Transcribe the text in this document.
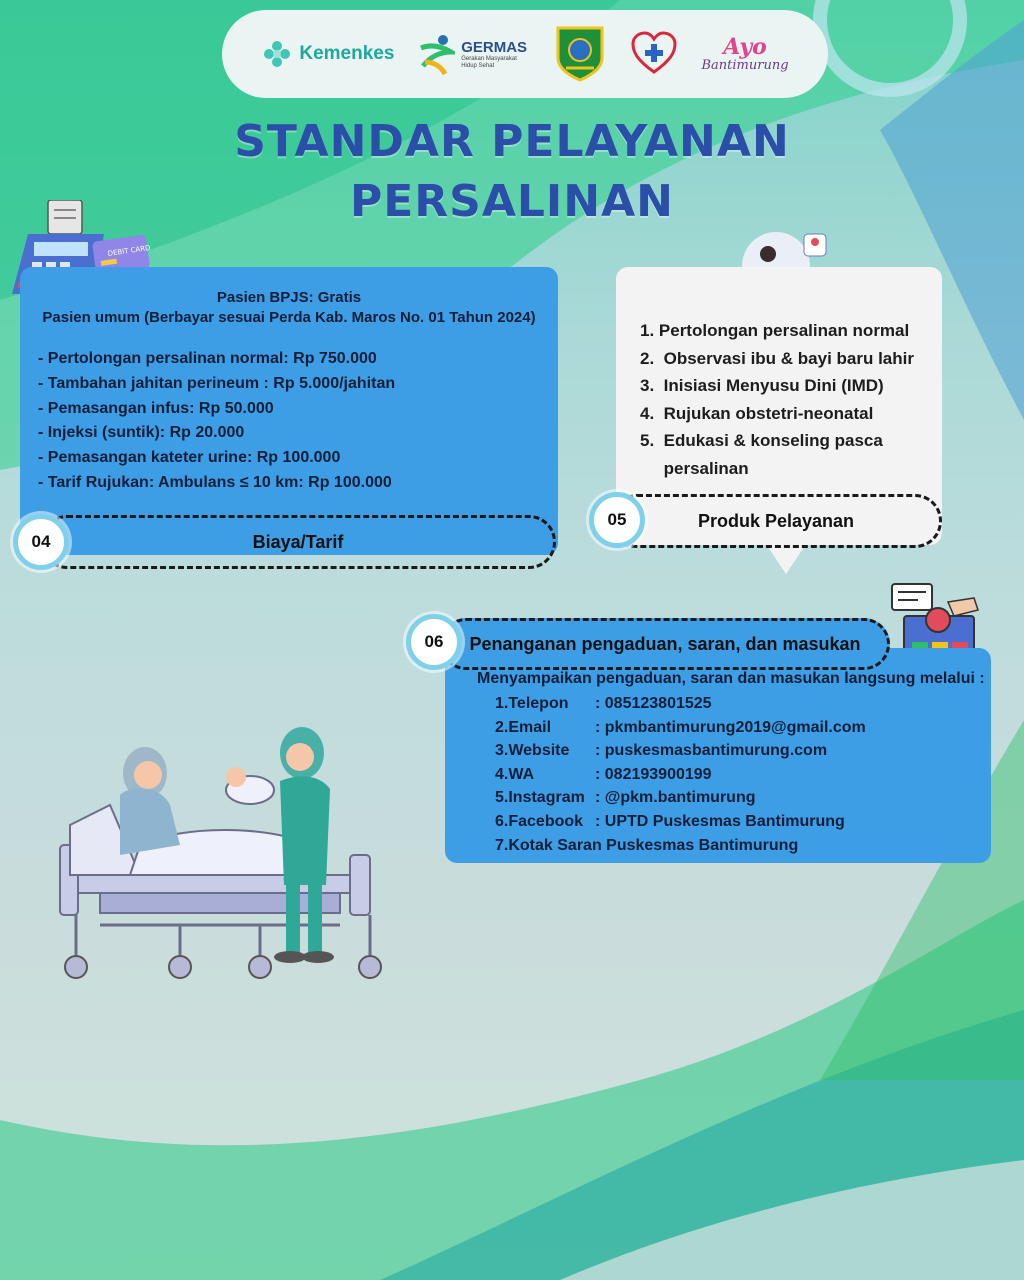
Kemenkes	GERMAS
Gerakan Masyarakat Hidup Sehat
Ayo
Bantimurung
STANDAR PELAYANAN
PERSALINAN
DEBIT CARD
Pasien BPJS: Gratis
Pasien umum (Berbayar sesuai Perda Kab. Maros No. 01 Tahun 2024)
- Pertolongan persalinan normal: Rp 750.000
- Tambahan jahitan perineum : Rp 5.000/jahitan
- Pemasangan infus: Rp 50.000
- Injeksi (suntik): Rp 20.000
- Pemasangan kateter urine: Rp 100.000
- Tarif Rujukan: Ambulans ≤ 10 km: Rp 100.000
Biaya/Tarif
04
1. Pertolongan persalinan normal
2.  Observasi ibu & bayi baru lahir
3.  Inisiasi Menyusu Dini (IMD)
4.  Rujukan obstetri-neonatal
5.  Edukasi & konseling pasca
persalinan
Produk Pelayanan
05
Menyampaikan pengaduan, saran dan masukan langsung melalui :
1.Telepon	: 085123801525
2.Email	: pkmbantimurung2019@gmail.com
3.Website	: puskesmasbantimurung.com
4.WA	: 082193900199
5.Instagram : @pkm.bantimurung
6.Facebook : UPTD Puskesmas Bantimurung
7.Kotak Saran Puskesmas Bantimurung
Penanganan pengaduan, saran, dan masukan
06
